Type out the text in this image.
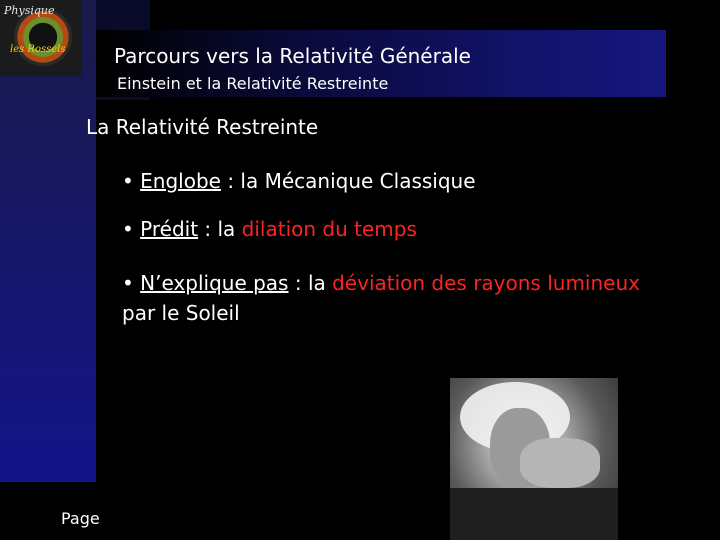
Physique
les Rossels Parcours vers la Relativité Générale
Einstein et la Relativité Restreinte
La Relativité Restreinte

• Englobe : la Mécanique Classique

• Prédit : la dilation du temps

• N’explique pas : la déviation des rayons lumineux par le Soleil

Page
